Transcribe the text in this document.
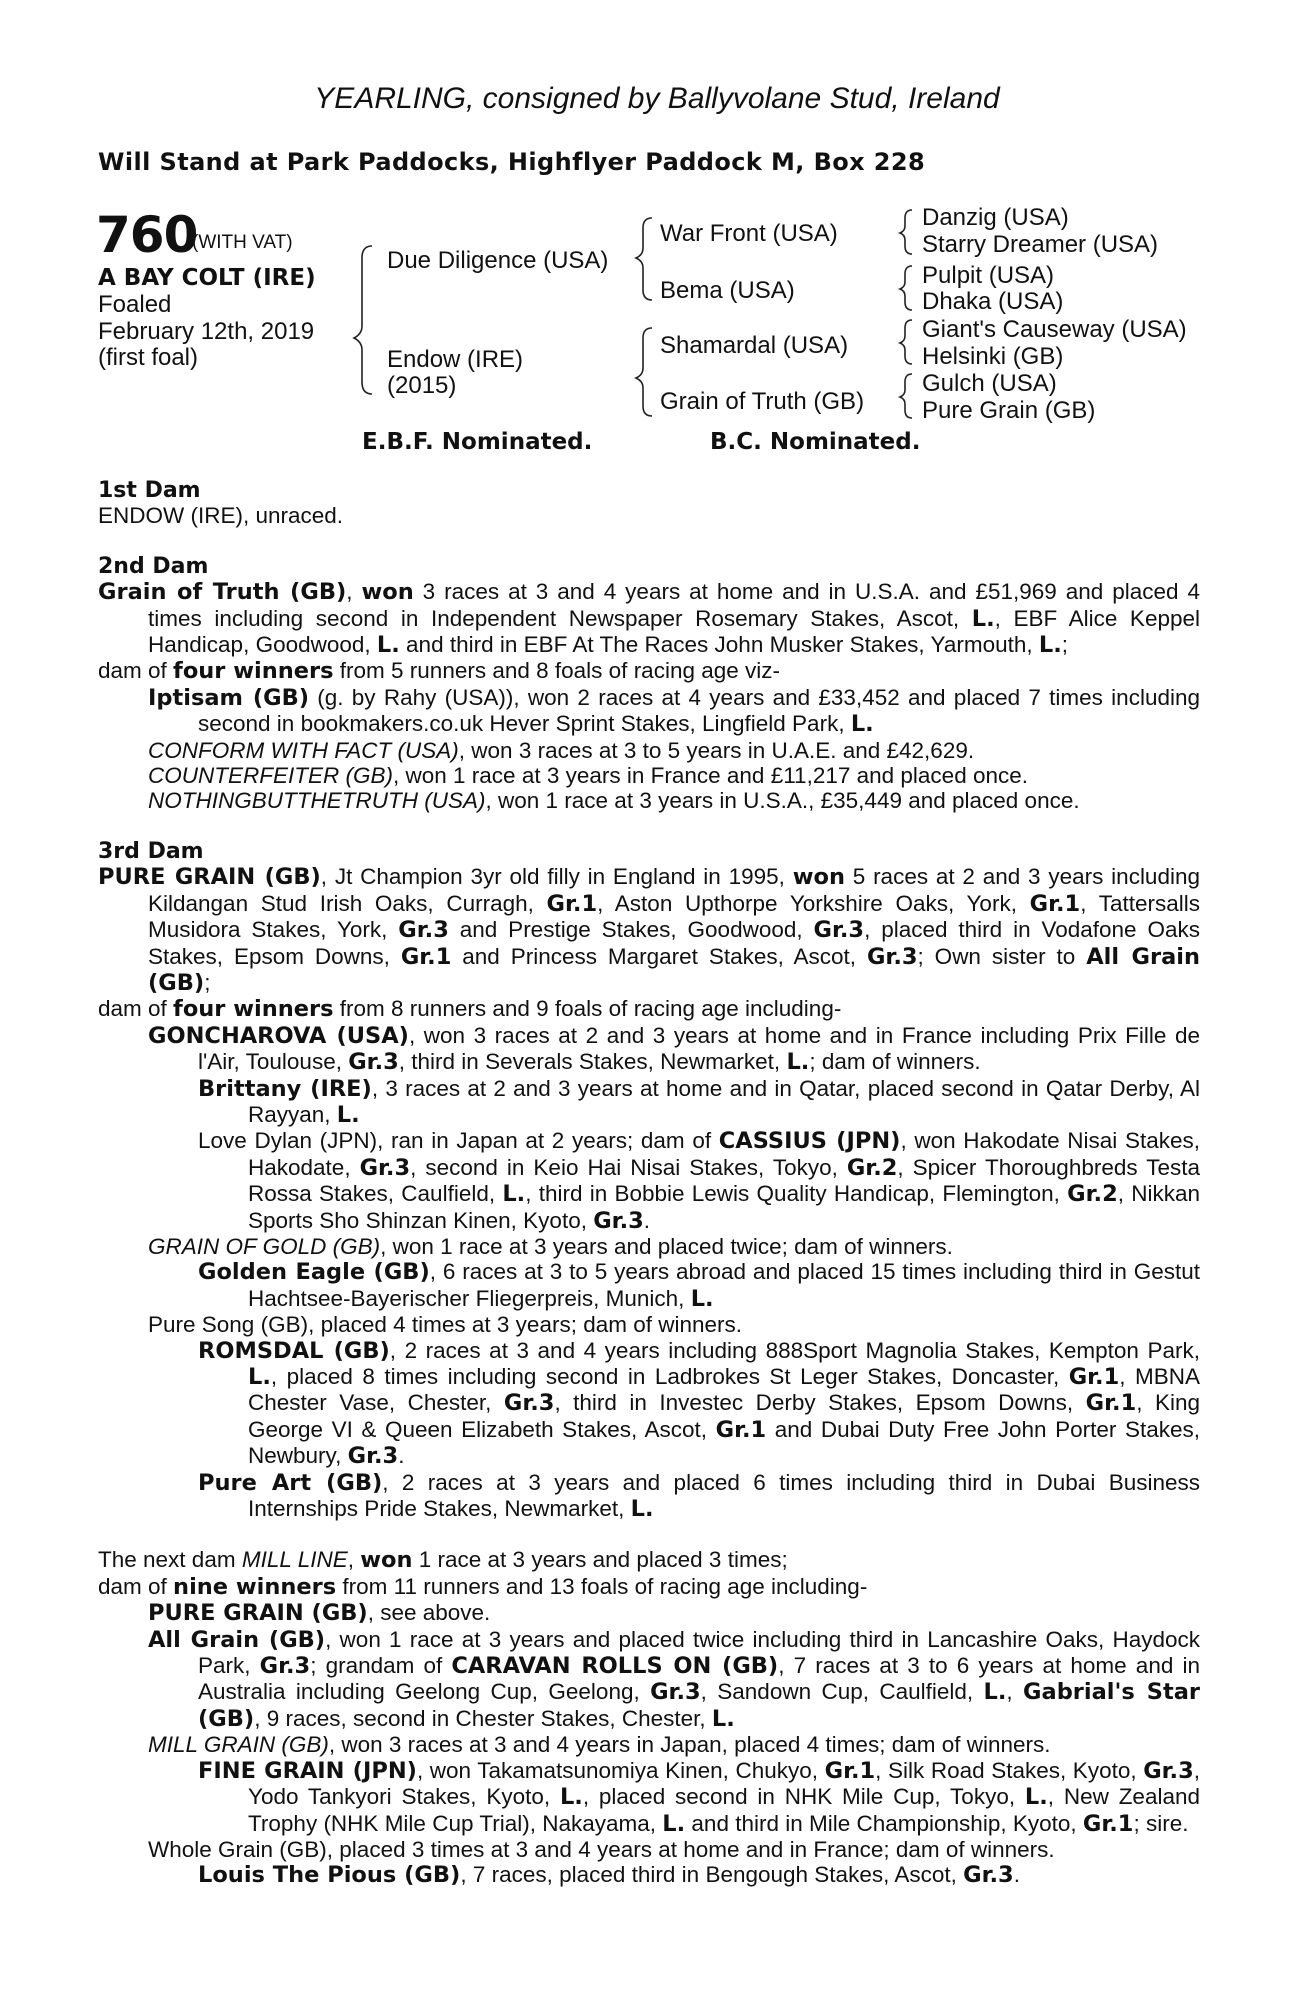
YEARLING, consigned by Ballyvolane Stud, Ireland
Will Stand at Park Paddocks, Highflyer Paddock M, Box 228
760
(WITH VAT)
A BAY COLT (IRE)
Foaled
February 12th, 2019
(first foal)
Due Diligence (USA)
Endow (IRE)
(2015)
War Front (USA)
Bema (USA)
Shamardal (USA)
Grain of Truth (GB)
Danzig (USA)
Starry Dreamer (USA)
Pulpit (USA)
Dhaka (USA)
Giant's Causeway (USA)
Helsinki (GB)
Gulch (USA)
Pure Grain (GB)
E.B.F. Nominated.	B.C. Nominated.

1st Dam

ENDOW (IRE), unraced.

2nd Dam

Grain of Truth (GB), won 3 races at 3 and 4 years at home and in U.S.A. and £51,969 and placed 4 times including second in Independent Newspaper Rosemary Stakes, Ascot, L., EBF Alice Keppel Handicap, Goodwood, L. and third in EBF At The Races John Musker Stakes, Yarmouth, L.;

dam of four winners from 5 runners and 8 foals of racing age viz-

Iptisam (GB) (g. by Rahy (USA)), won 2 races at 4 years and £33,452 and placed 7 times including second in bookmakers.co.uk Hever Sprint Stakes, Lingfield Park, L.

CONFORM WITH FACT (USA), won 3 races at 3 to 5 years in U.A.E. and £42,629.

COUNTERFEITER (GB), won 1 race at 3 years in France and £11,217 and placed once.

NOTHINGBUTTHETRUTH (USA), won 1 race at 3 years in U.S.A., £35,449 and placed once.

3rd Dam

PURE GRAIN (GB), Jt Champion 3yr old filly in England in 1995, won 5 races at 2 and 3 years including Kildangan Stud Irish Oaks, Curragh, Gr.1, Aston Upthorpe Yorkshire Oaks, York, Gr.1, Tattersalls Musidora Stakes, York, Gr.3 and Prestige Stakes, Goodwood, Gr.3, placed third in Vodafone Oaks Stakes, Epsom Downs, Gr.1 and Princess Margaret Stakes, Ascot, Gr.3; Own sister to All Grain (GB);

dam of four winners from 8 runners and 9 foals of racing age including-

GONCHAROVA (USA), won 3 races at 2 and 3 years at home and in France including Prix Fille de l'Air, Toulouse, Gr.3, third in Severals Stakes, Newmarket, L.; dam of winners.

Brittany (IRE), 3 races at 2 and 3 years at home and in Qatar, placed second in Qatar Derby, Al Rayyan, L.

Love Dylan (JPN), ran in Japan at 2 years; dam of CASSIUS (JPN), won Hakodate Nisai Stakes, Hakodate, Gr.3, second in Keio Hai Nisai Stakes, Tokyo, Gr.2, Spicer Thoroughbreds Testa Rossa Stakes, Caulfield, L., third in Bobbie Lewis Quality Handicap, Flemington, Gr.2, Nikkan Sports Sho Shinzan Kinen, Kyoto, Gr.3.

GRAIN OF GOLD (GB), won 1 race at 3 years and placed twice; dam of winners.

Golden Eagle (GB), 6 races at 3 to 5 years abroad and placed 15 times including third in Gestut Hachtsee-Bayerischer Fliegerpreis, Munich, L.

Pure Song (GB), placed 4 times at 3 years; dam of winners.

ROMSDAL (GB), 2 races at 3 and 4 years including 888Sport Magnolia Stakes, Kempton Park, L., placed 8 times including second in Ladbrokes St Leger Stakes, Doncaster, Gr.1, MBNA Chester Vase, Chester, Gr.3, third in Investec Derby Stakes, Epsom Downs, Gr.1, King George VI & Queen Elizabeth Stakes, Ascot, Gr.1 and Dubai Duty Free John Porter Stakes, Newbury, Gr.3.

Pure Art (GB), 2 races at 3 years and placed 6 times including third in Dubai Business Internships Pride Stakes, Newmarket, L.

The next dam MILL LINE, won 1 race at 3 years and placed 3 times;

dam of nine winners from 11 runners and 13 foals of racing age including-

PURE GRAIN (GB), see above.

All Grain (GB), won 1 race at 3 years and placed twice including third in Lancashire Oaks, Haydock Park, Gr.3; grandam of CARAVAN ROLLS ON (GB), 7 races at 3 to 6 years at home and in Australia including Geelong Cup, Geelong, Gr.3, Sandown Cup, Caulfield, L., Gabrial's Star (GB), 9 races, second in Chester Stakes, Chester, L.

MILL GRAIN (GB), won 3 races at 3 and 4 years in Japan, placed 4 times; dam of winners.

FINE GRAIN (JPN), won Takamatsunomiya Kinen, Chukyo, Gr.1, Silk Road Stakes, Kyoto, Gr.3, Yodo Tankyori Stakes, Kyoto, L., placed second in NHK Mile Cup, Tokyo, L., New Zealand Trophy (NHK Mile Cup Trial), Nakayama, L. and third in Mile Championship, Kyoto, Gr.1; sire.

Whole Grain (GB), placed 3 times at 3 and 4 years at home and in France; dam of winners.

Louis The Pious (GB), 7 races, placed third in Bengough Stakes, Ascot, Gr.3.
